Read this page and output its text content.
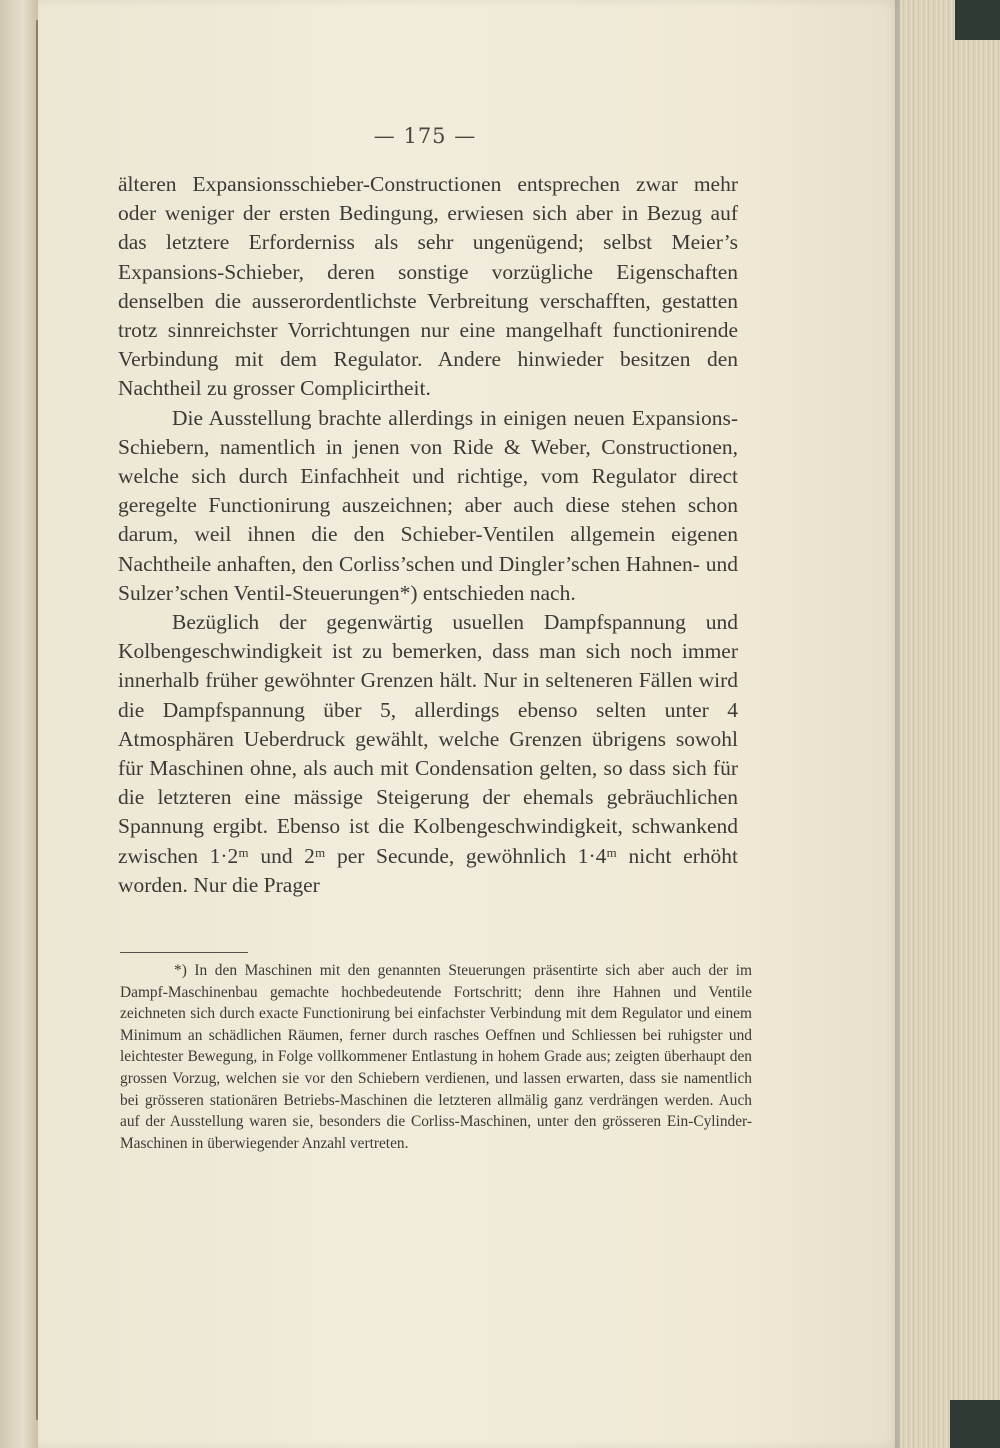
— 175 —

älteren Expansionsschieber-Constructionen entsprechen zwar mehr oder weniger der ersten Bedingung, erwiesen sich aber in Bezug auf das letztere Erforderniss als sehr ungenügend; selbst Meier’s Expansions-Schieber, deren sonstige vorzügliche Eigenschaften denselben die ausserordentlichste Verbreitung verschafften, gestatten trotz sinnreichster Vorrichtungen nur eine mangelhaft functionirende Verbindung mit dem Regulator. Andere hinwieder besitzen den Nachtheil zu grosser Complicirtheit.

Die Ausstellung brachte allerdings in einigen neuen Expansions-Schiebern, namentlich in jenen von Ride & Weber, Constructionen, welche sich durch Einfachheit und richtige, vom Regulator direct geregelte Functionirung auszeichnen; aber auch diese stehen schon darum, weil ihnen die den Schieber-Ventilen allgemein eigenen Nachtheile anhaften, den Corliss’schen und Dingler’schen Hahnen- und Sulzer’schen Ventil-Steuerungen*) entschieden nach.

Bezüglich der gegenwärtig usuellen Dampfspannung und Kolbengeschwindigkeit ist zu bemerken, dass man sich noch immer innerhalb früher gewöhnter Grenzen hält. Nur in selteneren Fällen wird die Dampfspannung über 5, allerdings ebenso selten unter 4 Atmosphären Ueberdruck gewählt, welche Grenzen übrigens sowohl für Maschinen ohne, als auch mit Condensation gelten, so dass sich für die letzteren eine mässige Steigerung der ehemals gebräuchlichen Spannung ergibt. Ebenso ist die Kolbengeschwindigkeit, schwankend zwischen 1·2ᵐ und 2ᵐ per Secunde, gewöhnlich 1·4ᵐ nicht erhöht worden. Nur die Prager

*) In den Maschinen mit den genannten Steuerungen präsentirte sich aber auch der im Dampf-Maschinenbau gemachte hochbedeutende Fortschritt; denn ihre Hahnen und Ventile zeichneten sich durch exacte Functionirung bei einfachster Verbindung mit dem Regulator und einem Minimum an schädlichen Räumen, ferner durch rasches Oeffnen und Schliessen bei ruhigster und leichtester Bewegung, in Folge vollkommener Entlastung in hohem Grade aus; zeigten überhaupt den grossen Vorzug, welchen sie vor den Schiebern verdienen, und lassen erwarten, dass sie namentlich bei grösseren stationären Betriebs-Maschinen die letzteren allmälig ganz verdrängen werden. Auch auf der Ausstellung waren sie, besonders die Corliss-Maschinen, unter den grösseren Ein-Cylinder-Maschinen in überwiegender Anzahl vertreten.
